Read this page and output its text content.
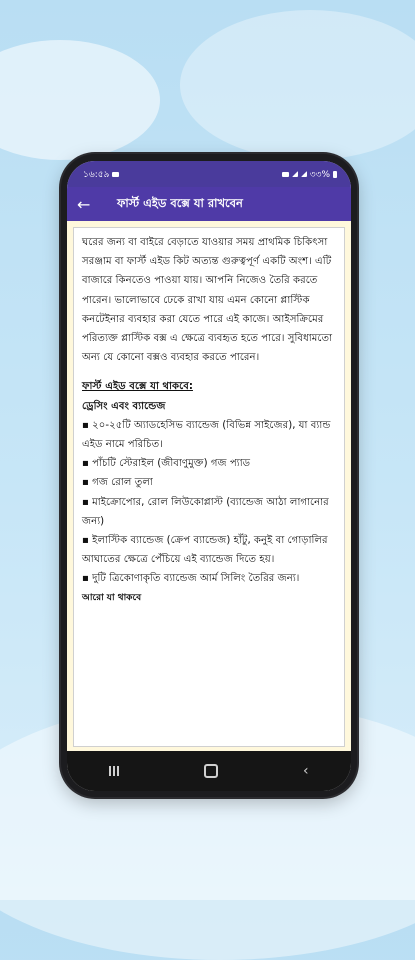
১৬:৫৯	৩৩%
←	ফার্স্ট এইড বক্সে যা রাখবেন

ঘরের জন্য বা বাইরে বেড়াতে যাওয়ার সময় প্রাথমিক চিকিৎসা সরঞ্জাম বা ফার্স্ট এইড কিট অত্যন্ত গুরুত্বপূর্ণ একটি অংশ। এটি বাজারে কিনতেও পাওয়া যায়। আপনি নিজেও তৈরি করতে পারেন। ভালোভাবে ঢেকে রাখা যায় এমন কোনো প্লাস্টিক কনটেইনার ব্যবহার করা যেতে পারে এই কাজে। আইসক্রিমের পরিত্যক্ত প্লাস্টিক বক্স এ ক্ষেত্রে ব্যবহৃত হতে পারে। সুবিধামতো অন্য যে কোনো বক্সও ব্যবহার করতে পারেন।

ফার্স্ট এইড বক্সে যা থাকবে:
ড্রেসিং এবং ব্যান্ডেজ

▪ ২০-২৫টি অ্যাডহেসিভ ব্যান্ডেজ (বিভিন্ন সাইজের), যা ব্যান্ড এইড নামে পরিচিত।

▪ পাঁচটি স্টেরাইল (জীবাণুমুক্ত) গজ প্যাড

▪ গজ রোল তুলা

▪ মাইক্রোপোর, রোল লিউকোপ্লাস্ট (ব্যান্ডেজ আঠা লাগানোর জন্য)

▪ ইলাস্টিক ব্যান্ডেজ (ক্রেপ ব্যান্ডেজ) হাঁটু, কনুই বা গোড়ালির আঘাতের ক্ষেত্রে পেঁচিয়ে এই ব্যান্ডেজ দিতে হয়।

▪ দুটি ত্রিকোণাকৃতি ব্যান্ডেজ আর্ম সিলিং তৈরির জন্য।

আরো যা থাকবে
‹
